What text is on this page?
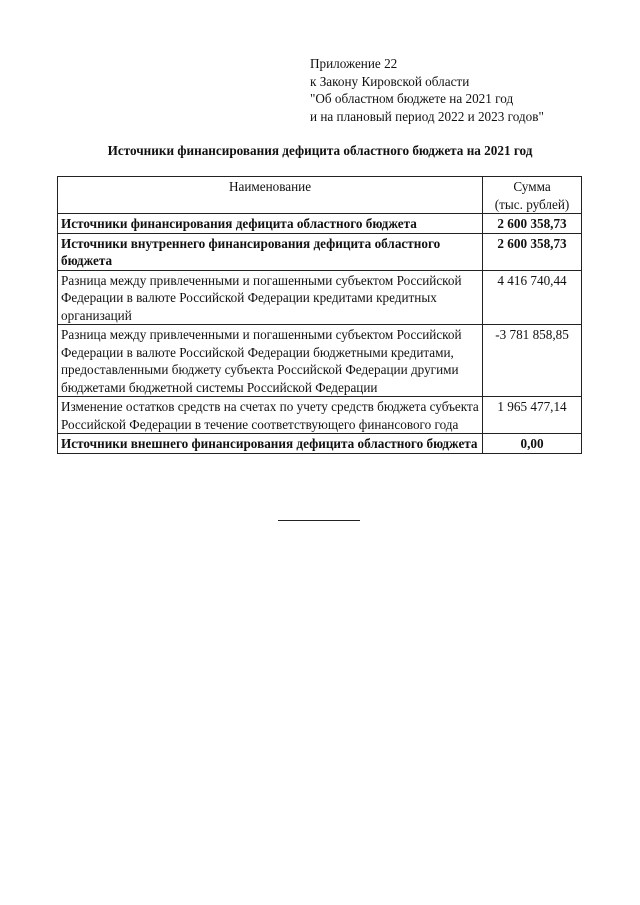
Приложение 22
к Закону Кировской области
"Об областном бюджете на 2021 год
и на плановый период 2022 и 2023 годов"
Источники финансирования дефицита областного бюджета на 2021 год
Наименование	Сумма
(тыс. рублей)

Источники финансирования дефицита областного бюджета	2 600 358,73
Источники внутреннего финансирования дефицита областного бюджета	2 600 358,73
Разница между привлеченными и погашенными субъектом Российской Федерации в валюте Российской Федерации кредитами кредитных организаций	4 416 740,44
Разница между привлеченными и погашенными субъектом Российской Федерации в валюте Российской Федерации бюджетными кредитами, предоставленными бюджету субъекта Российской Федерации другими бюджетами бюджетной системы Российской Федерации	-3 781 858,85
Изменение остатков средств на счетах по учету средств бюджета субъекта Российской Федерации в течение соответствующего финансового года	1 965 477,14
Источники внешнего финансирования дефицита областного бюджета	0,00
